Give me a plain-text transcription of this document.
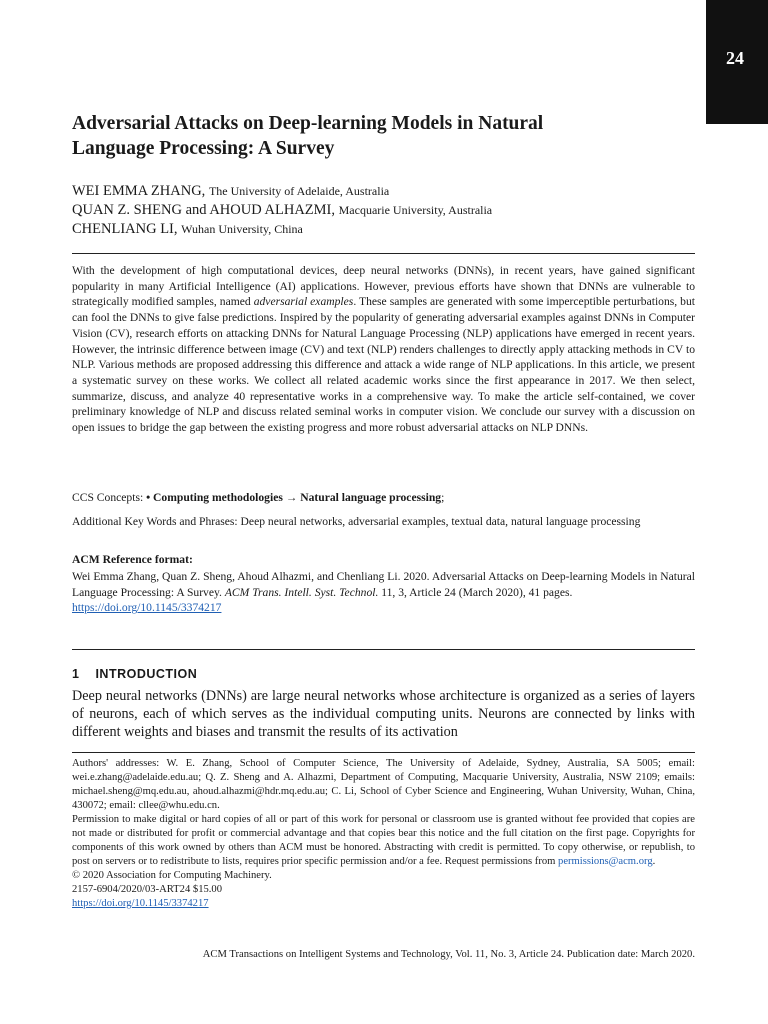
24
Adversarial Attacks on Deep-learning Models in Natural
Language Processing: A Survey
WEI EMMA ZHANG, The University of Adelaide, Australia
QUAN Z. SHENG and AHOUD ALHAZMI, Macquarie University, Australia
CHENLIANG LI, Wuhan University, China
With the development of high computational devices, deep neural networks (DNNs), in recent years, have gained significant popularity in many Artificial Intelligence (AI) applications. However, previous efforts have shown that DNNs are vulnerable to strategically modified samples, named adversarial examples. These samples are generated with some imperceptible perturbations, but can fool the DNNs to give false predictions. Inspired by the popularity of generating adversarial examples against DNNs in Computer Vision (CV), research efforts on attacking DNNs for Natural Language Processing (NLP) applications have emerged in recent years. However, the intrinsic difference between image (CV) and text (NLP) renders challenges to directly apply attacking methods in CV to NLP. Various methods are proposed addressing this difference and attack a wide range of NLP applications. In this article, we present a systematic survey on these works. We collect all related academic works since the first appearance in 2017. We then select, summarize, discuss, and analyze 40 representative works in a comprehensive way. To make the article self-contained, we cover preliminary knowledge of NLP and discuss related seminal works in computer vision. We conclude our survey with a discussion on open issues to bridge the gap between the existing progress and more robust adversarial attacks on NLP DNNs.
CCS Concepts: • Computing methodologies → Natural language processing;
Additional Key Words and Phrases: Deep neural networks, adversarial examples, textual data, natural language processing
ACM Reference format:
Wei Emma Zhang, Quan Z. Sheng, Ahoud Alhazmi, and Chenliang Li. 2020. Adversarial Attacks on Deep-learning Models in Natural Language Processing: A Survey. ACM Trans. Intell. Syst. Technol. 11, 3, Article 24 (March 2020), 41 pages.
https://doi.org/10.1145/3374217
1 INTRODUCTION
Deep neural networks (DNNs) are large neural networks whose architecture is organized as a series of layers of neurons, each of which serves as the individual computing units. Neurons are connected by links with different weights and biases and transmit the results of its activation

Authors' addresses: W. E. Zhang, School of Computer Science, The University of Adelaide, Sydney, Australia, SA 5005; email: wei.e.zhang@adelaide.edu.au; Q. Z. Sheng and A. Alhazmi, Department of Computing, Macquarie University, Australia, NSW 2109; emails: michael.sheng@mq.edu.au, ahoud.alhazmi@hdr.mq.edu.au; C. Li, School of Cyber Science and Engineering, Wuhan University, Wuhan, China, 430072; email: cllee@whu.edu.cn.

Permission to make digital or hard copies of all or part of this work for personal or classroom use is granted without fee provided that copies are not made or distributed for profit or commercial advantage and that copies bear this notice and the full citation on the first page. Copyrights for components of this work owned by others than ACM must be honored. Abstracting with credit is permitted. To copy otherwise, or republish, to post on servers or to redistribute to lists, requires prior specific permission and/or a fee. Request permissions from permissions@acm.org.

© 2020 Association for Computing Machinery.

2157-6904/2020/03-ART24 $15.00

https://doi.org/10.1145/3374217

ACM Transactions on Intelligent Systems and Technology, Vol. 11, No. 3, Article 24. Publication date: March 2020.
